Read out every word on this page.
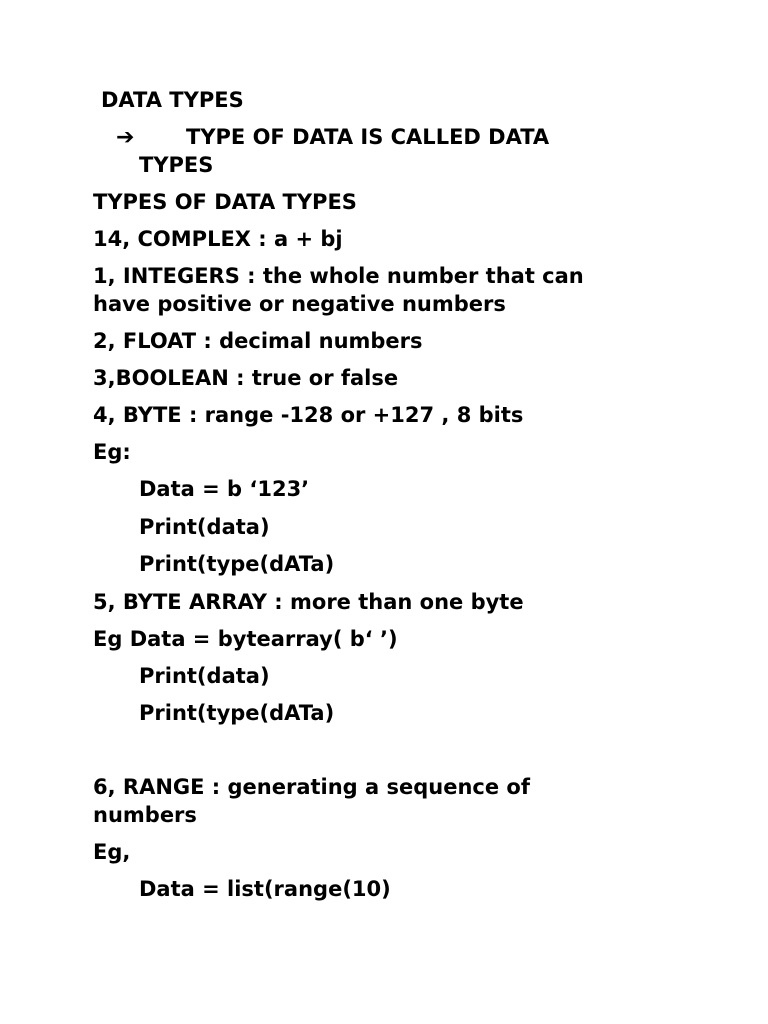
DATA TYPES
➔ TYPE OF DATA IS CALLED DATA
TYPES
TYPES OF DATA TYPES
14, COMPLEX : a + bj
1, INTEGERS : the whole number that can
have positive or negative numbers
2, FLOAT : decimal numbers
3,BOOLEAN : true or false
4, BYTE : range -128 or +127 , 8 bits
Eg:
Data = b ‘123’
Print(data)
Print(type(dATa)
5, BYTE ARRAY : more than one byte
Eg Data = bytearray( b‘ ’)
Print(data)
Print(type(dATa)
6, RANGE : generating a sequence of
numbers
Eg,
Data = list(range(10)
